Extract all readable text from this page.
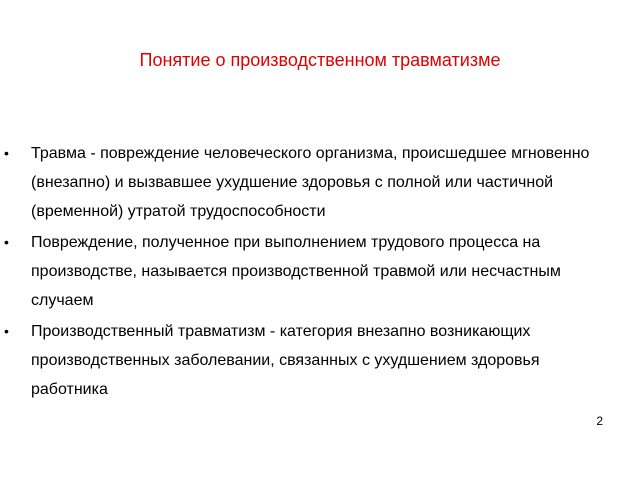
Понятие о производственном травматизме
• Травма - повреждение человеческого организма, происшедшее мгновенно (внезапно) и вызвавшее ухудшение здоровья с полной или частичной (временной) утратой трудоспособности
• Повреждение, полученное при выполнением трудового процесса на производстве, называется производственной травмой или несчастным случаем
• Производственный травматизм - категория внезапно возникающих производственных заболевании, связанных с ухудшением здоровья работника
2
